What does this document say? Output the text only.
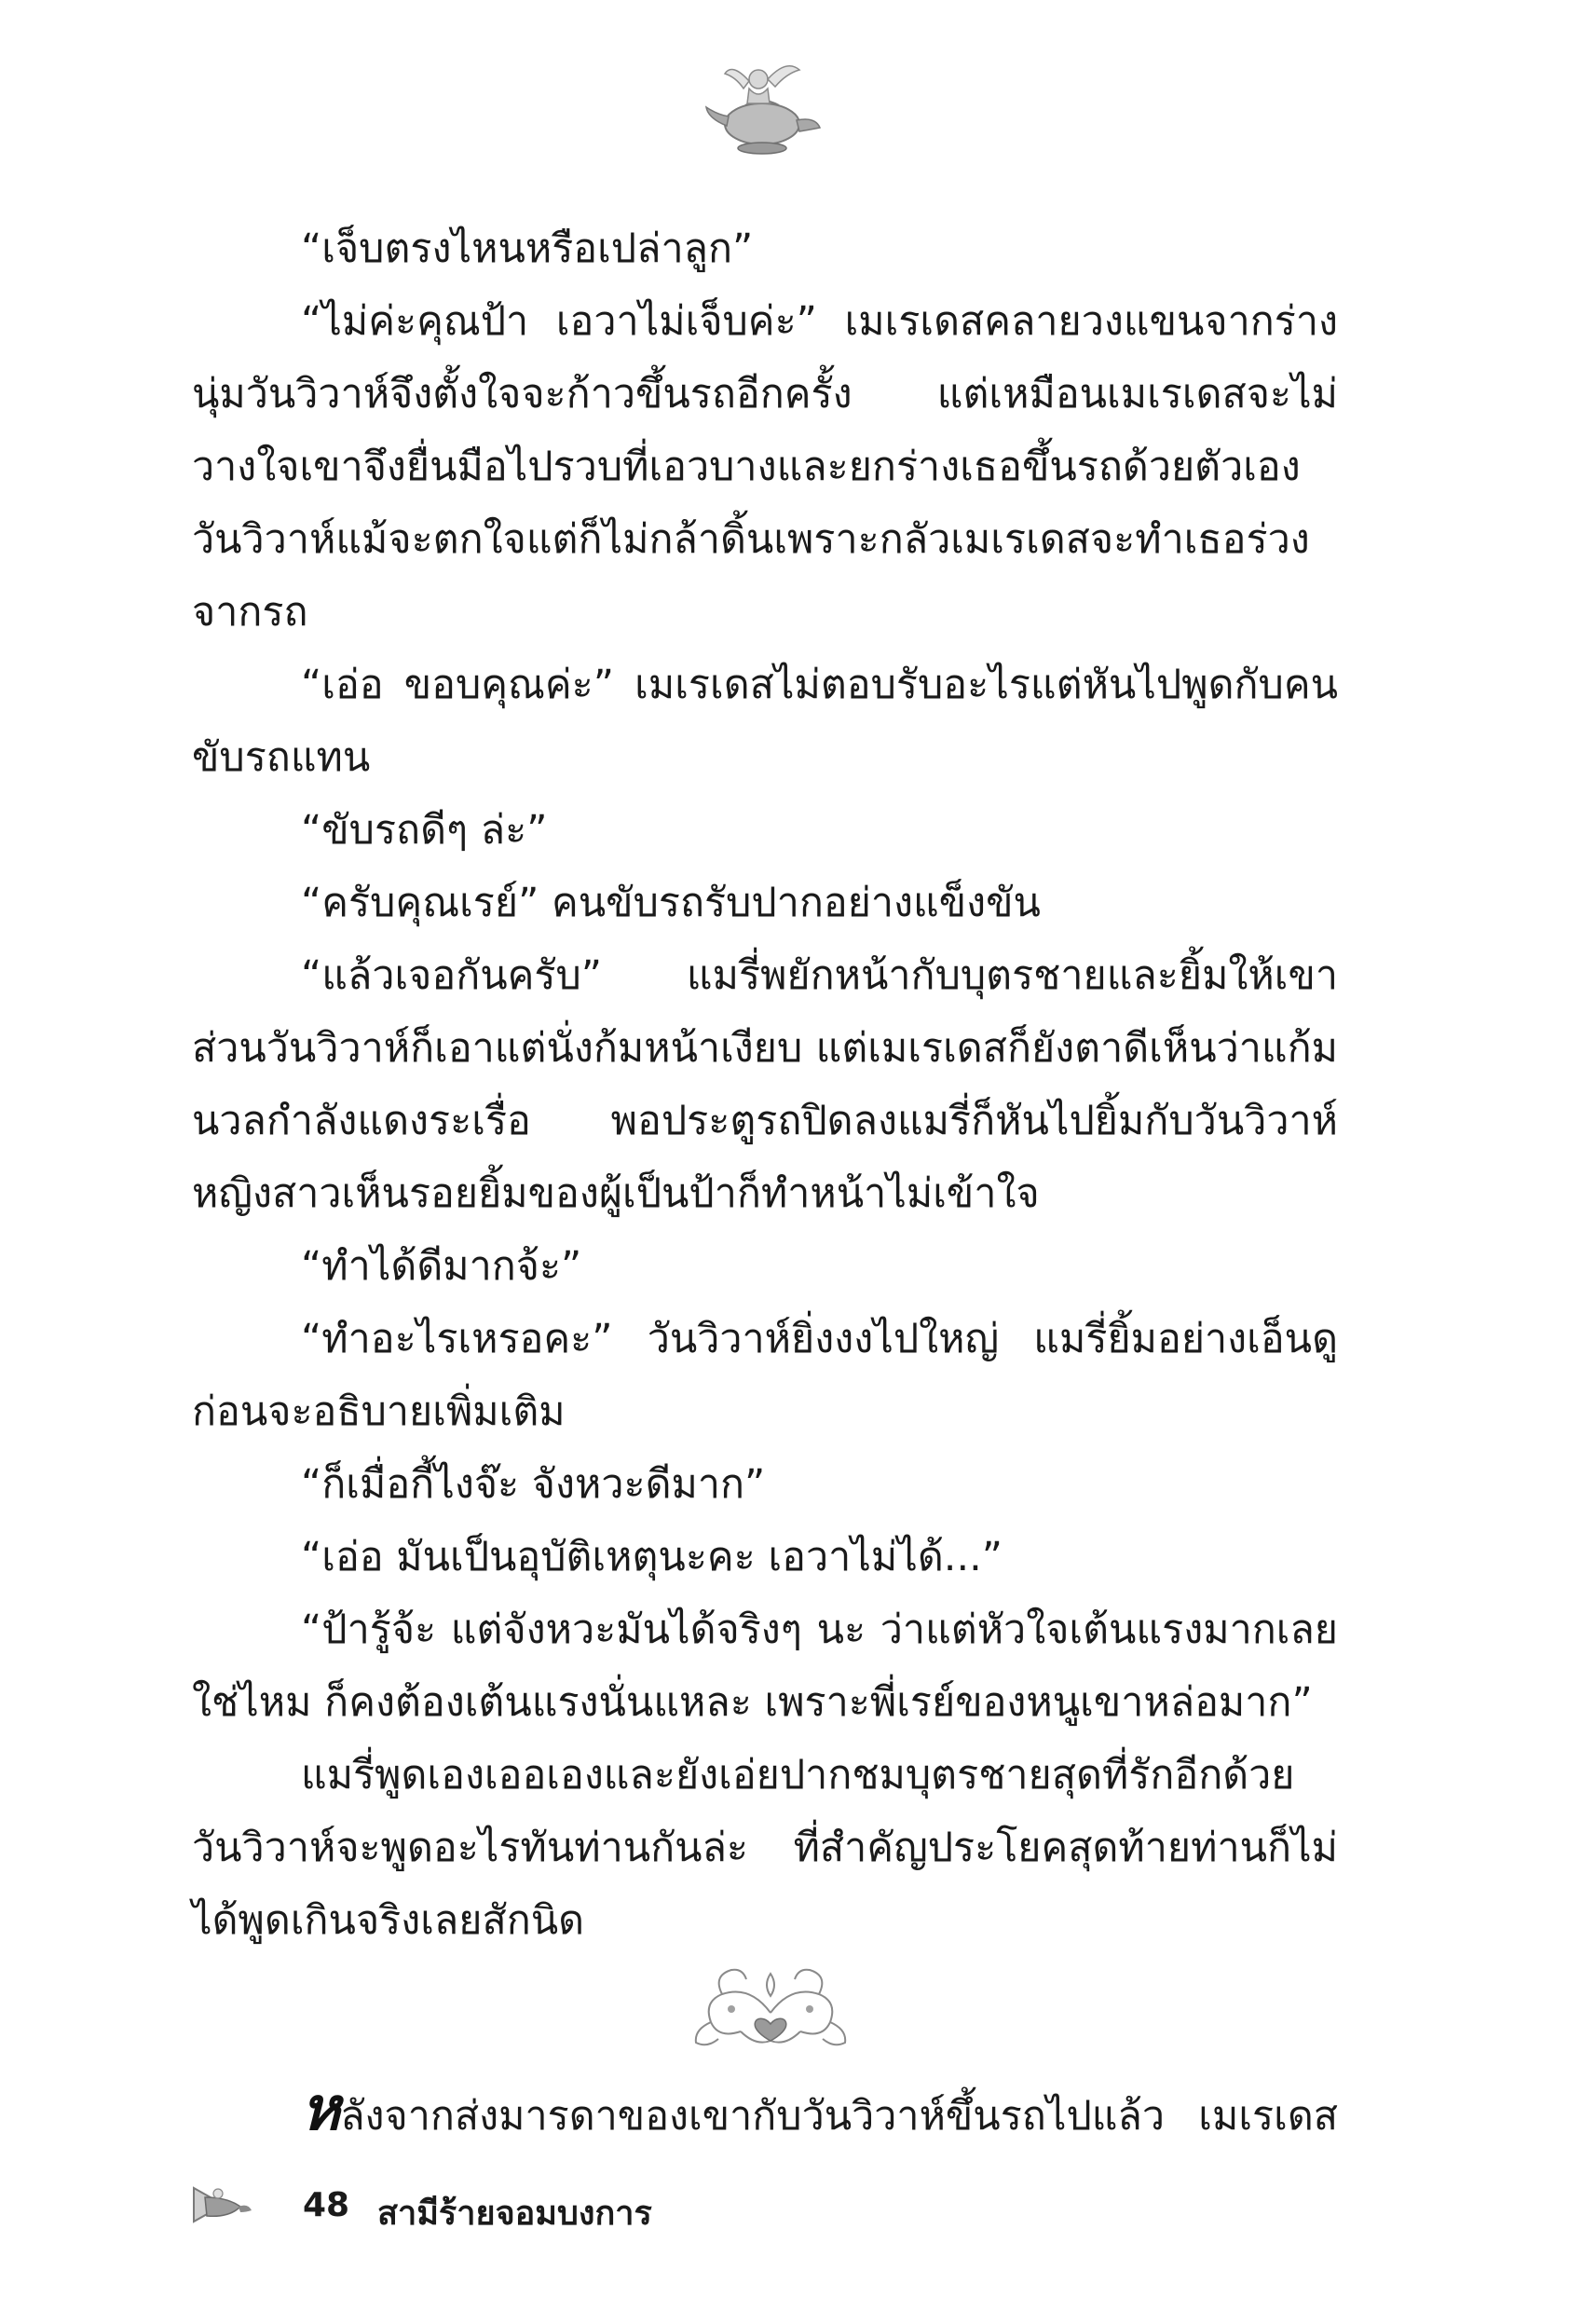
“เจ็บตรงไหนหรือเปล่าลูก”

“ไม่ค่ะคุณป้า เอวาไม่เจ็บค่ะ” เมเรเดสคลายวงแขนจากร่างนุ่มวันวิวาห์จึงตั้งใจจะก้าวขึ้นรถอีกครั้ง แต่เหมือนเมเรเดสจะไม่วางใจเขาจึงยื่นมือไปรวบที่เอวบางและยกร่างเธอขึ้นรถด้วยตัวเอง วันวิวาห์แม้จะตกใจแต่ก็ไม่กล้าดิ้นเพราะกลัวเมเรเดสจะทำเธอร่วงจากรถ

“เอ่อ ขอบคุณค่ะ” เมเรเดสไม่ตอบรับอะไรแต่หันไปพูดกับคนขับรถแทน

“ขับรถดีๆ ล่ะ”

“ครับคุณเรย์” คนขับรถรับปากอย่างแข็งขัน

“แล้วเจอกันครับ” แมรี่พยักหน้ากับบุตรชายและยิ้มให้เขา ส่วนวันวิวาห์ก็เอาแต่นั่งก้มหน้าเงียบ แต่เมเรเดสก็ยังตาดีเห็นว่าแก้มนวลกำลังแดงระเรื่อ พอประตูรถปิดลงแมรี่ก็หันไปยิ้มกับวันวิวาห์ หญิงสาวเห็นรอยยิ้มของผู้เป็นป้าก็ทำหน้าไม่เข้าใจ

“ทำได้ดีมากจ้ะ”

“ทำอะไรเหรอคะ” วันวิวาห์ยิ่งงงไปใหญ่ แมรี่ยิ้มอย่างเอ็นดูก่อนจะอธิบายเพิ่มเติม

“ก็เมื่อกี้ไงจ๊ะ จังหวะดีมาก”

“เอ่อ มันเป็นอุบัติเหตุนะคะ เอวาไม่ได้...”

“ป้ารู้จ้ะ แต่จังหวะมันได้จริงๆ นะ ว่าแต่หัวใจเต้นแรงมากเลยใช่ไหม ก็คงต้องเต้นแรงนั่นแหละ เพราะพี่เรย์ของหนูเขาหล่อมาก”

แมรี่พูดเองเออเองและยังเอ่ยปากชมบุตรชายสุดที่รักอีกด้วยวันวิวาห์จะพูดอะไรทันท่านกันล่ะ ที่สำคัญประโยคสุดท้ายท่านก็ไม่ได้พูดเกินจริงเลยสักนิด

หลังจากส่งมารดาของเขากับวันวิวาห์ขึ้นรถไปแล้ว เมเรเดส

48 สามีร้ายจอมบงการ
